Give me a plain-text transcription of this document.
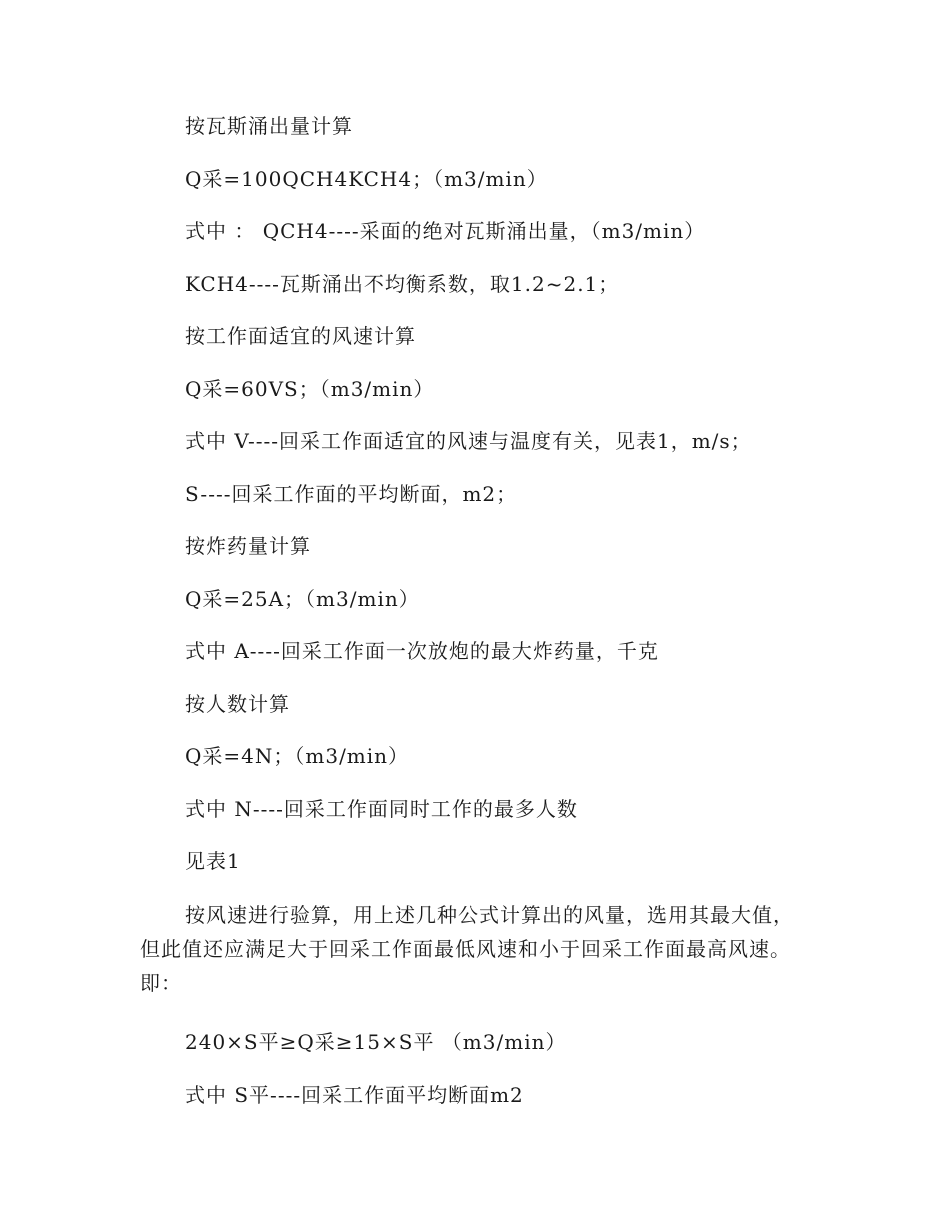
按瓦斯涌出量计算
Q采=100QCH4KCH4；（m3/min）
式中 ： QCH4----采面的绝对瓦斯涌出量，（m3/min）
KCH4----瓦斯涌出不均衡系数，取1.2~2.1；
按工作面适宜的风速计算
Q采=60VS；（m3/min）
式中 V----回采工作面适宜的风速与温度有关，见表1，m/s；
S----回采工作面的平均断面，m2；
按炸药量计算
Q采=25A；（m3/min）
式中 A----回采工作面一次放炮的最大炸药量，千克
按人数计算
Q采=4N；（m3/min）
式中 N----回采工作面同时工作的最多人数
见表1
按风速进行验算，用上述几种公式计算出的风量，选用其最大值，但此值还应满足大于回采工作面最低风速和小于回采工作面最高风速。即：
240×S平≥Q采≥15×S平 （m3/min）
式中 S平----回采工作面平均断面m2
